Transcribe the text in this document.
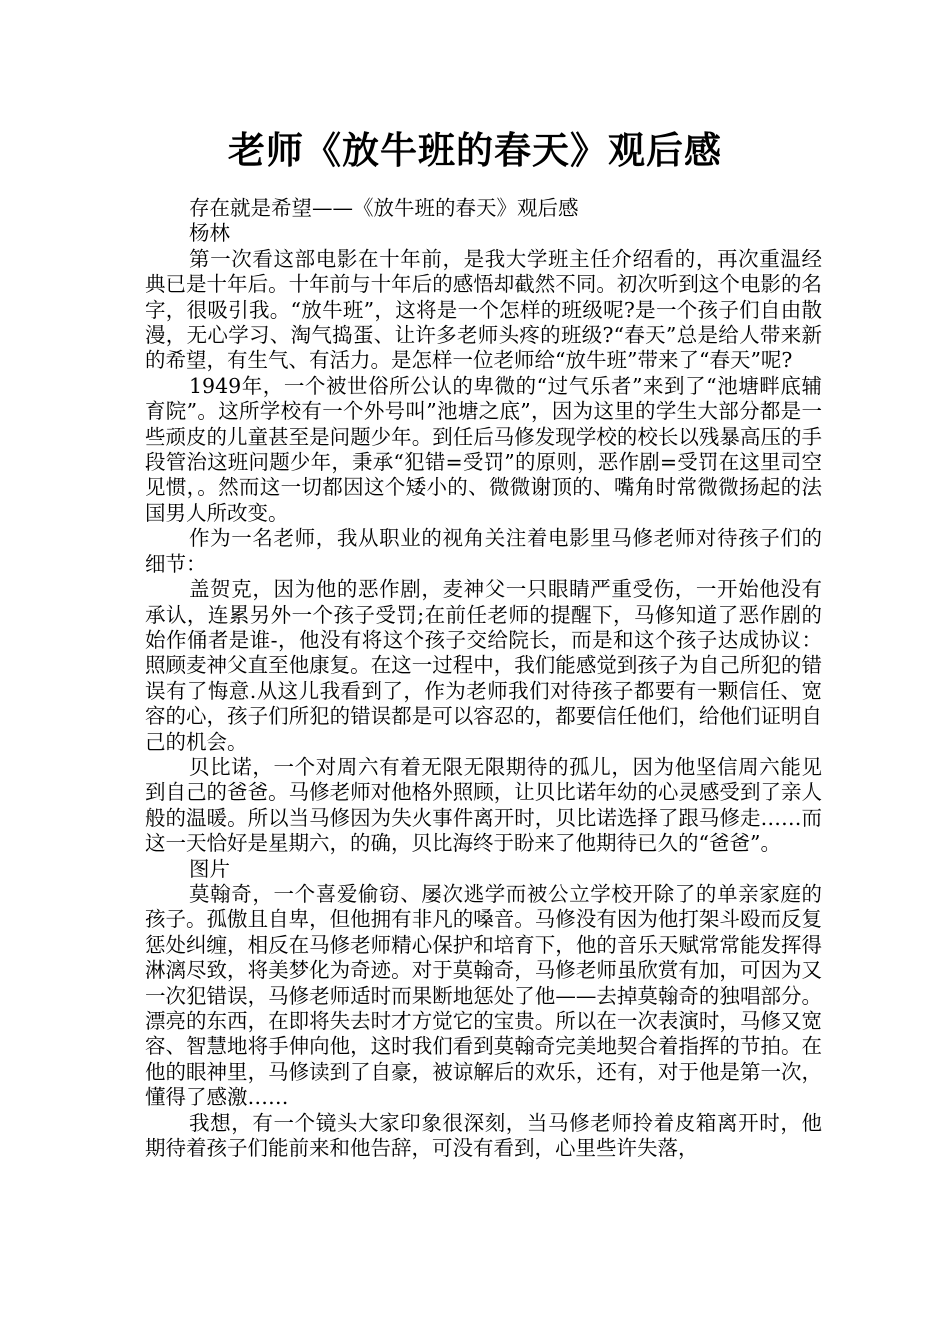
老师《放牛班的春天》观后感

存在就是希望——《放牛班的春天》观后感

杨林

第一次看这部电影在十年前，是我大学班主任介绍看的，再次重温经典已是十年后。十年前与十年后的感悟却截然不同。初次听到这个电影的名字，很吸引我。“放牛班”，这将是一个怎样的班级呢?是一个孩子们自由散漫，无心学习、淘气捣蛋、让许多老师头疼的班级?“春天”总是给人带来新的希望，有生气、有活力。是怎样一位老师给“放牛班”带来了“春天”呢?

1949年，一个被世俗所公认的卑微的“过气乐者”来到了“池塘畔底辅育院”。这所学校有一个外号叫”池塘之底”，因为这里的学生大部分都是一些顽皮的儿童甚至是问题少年。到任后马修发现学校的校长以残暴高压的手段管治这班问题少年，秉承“犯错=受罚”的原则，恶作剧=受罚在这里司空见惯，。然而这一切都因这个矮小的、微微谢顶的、嘴角时常微微扬起的法国男人所改变。

作为一名老师，我从职业的视角关注着电影里马修老师对待孩子们的细节：

盖贺克，因为他的恶作剧，麦神父一只眼睛严重受伤，一开始他没有承认，连累另外一个孩子受罚;在前任老师的提醒下，马修知道了恶作剧的始作俑者是谁-，他没有将这个孩子交给院长，而是和这个孩子达成协议：照顾麦神父直至他康复。在这一过程中，我们能感觉到孩子为自己所犯的错误有了悔意.从这儿我看到了，作为老师我们对待孩子都要有一颗信任、宽容的心，孩子们所犯的错误都是可以容忍的，都要信任他们，给他们证明自己的机会。

贝比诺，一个对周六有着无限无限期待的孤儿，因为他坚信周六能见到自己的爸爸。马修老师对他格外照顾，让贝比诺年幼的心灵感受到了亲人般的温暖。所以当马修因为失火事件离开时，贝比诺选择了跟马修走……而这一天恰好是星期六，的确，贝比海终于盼来了他期待已久的“爸爸”。

图片

莫翰奇，一个喜爱偷窃、屡次逃学而被公立学校开除了的单亲家庭的孩子。孤傲且自卑，但他拥有非凡的嗓音。马修没有因为他打架斗殴而反复惩处纠缠，相反在马修老师精心保护和培育下，他的音乐天赋常常能发挥得淋漓尽致，将美梦化为奇迹。对于莫翰奇，马修老师虽欣赏有加，可因为又一次犯错误，马修老师适时而果断地惩处了他——去掉莫翰奇的独唱部分。漂亮的东西，在即将失去时才方觉它的宝贵。所以在一次表演时，马修又宽容、智慧地将手伸向他，这时我们看到莫翰奇完美地契合着指挥的节拍。在他的眼神里，马修读到了自豪，被谅解后的欢乐，还有，对于他是第一次，懂得了感激……

我想，有一个镜头大家印象很深刻，当马修老师拎着皮箱离开时，他期待着孩子们能前来和他告辞，可没有看到，心里些许失落，
